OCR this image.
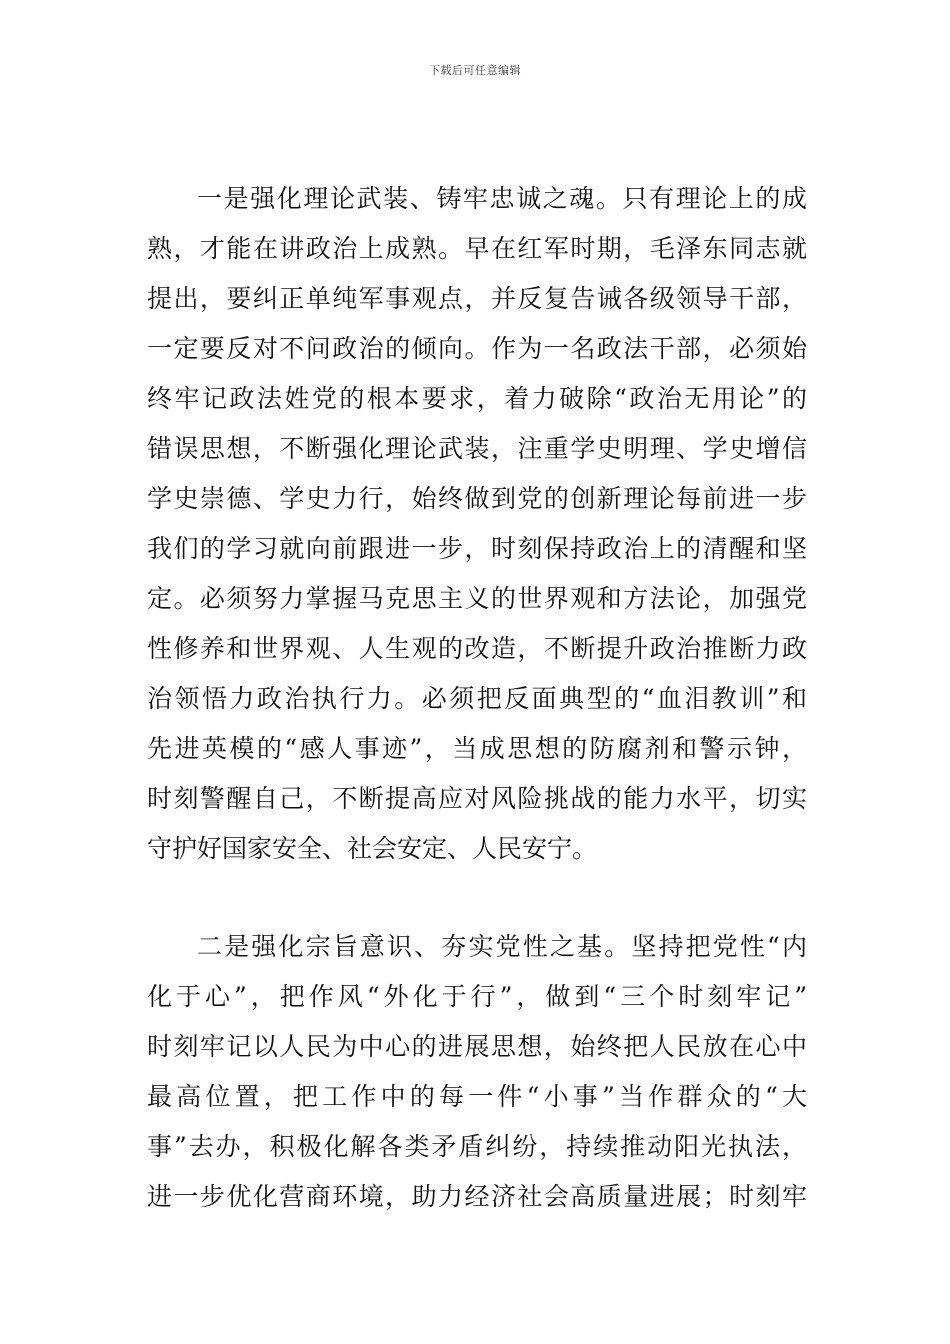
下载后可任意编辑
一是强化理论武装、铸牢忠诚之魂。只有理论上的成
熟，才能在讲政治上成熟。早在红军时期，毛泽东同志就
提出，要纠正单纯军事观点，并反复告诫各级领导干部，
一定要反对不问政治的倾向。作为一名政法干部，必须始
终牢记政法姓党的根本要求，着力破除“政治无用论”的
错误思想，不断强化理论武装，注重学史明理、学史增信
学史崇德、学史力行，始终做到党的创新理论每前进一步
我们的学习就向前跟进一步，时刻保持政治上的清醒和坚
定。必须努力掌握马克思主义的世界观和方法论，加强党
性修养和世界观、人生观的改造，不断提升政治推断力政
治领悟力政治执行力。必须把反面典型的“血泪教训”和
先进英模的“感人事迹”，当成思想的防腐剂和警示钟，
时刻警醒自己，不断提高应对风险挑战的能力水平，切实
守护好国家安全、社会安定、人民安宁。
二是强化宗旨意识、夯实党性之基。坚持把党性“内
化于心”，把作风“外化于行”，做到“三个时刻牢记”
时刻牢记以人民为中心的进展思想，始终把人民放在心中
最高位置，把工作中的每一件“小事”当作群众的“大
事”去办，积极化解各类矛盾纠纷，持续推动阳光执法，
进一步优化营商环境，助力经济社会高质量进展；时刻牢
